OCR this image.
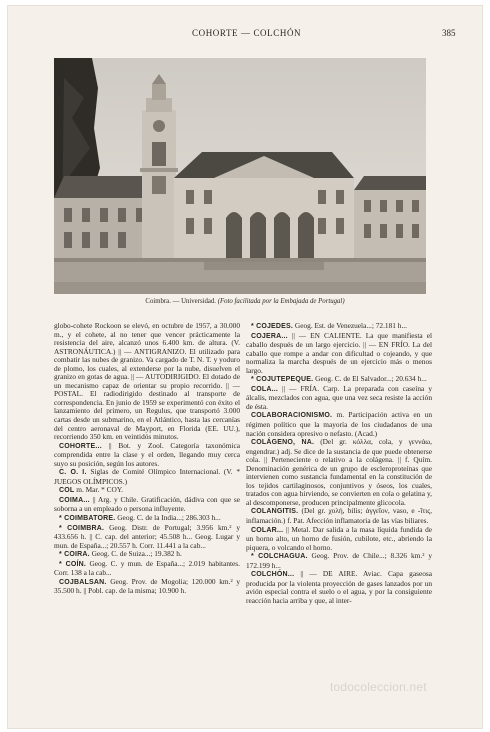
COHORTE — COLCHÓN	385
Coimbra. — Universidad. (Foto facilitada por la Embajada de Portugal)

globo-cohete Rockoon se elevó, en octubre de 1957, a 30.000 m., y el cohete, al no tener que vencer prácticamente la resistencia del aire, alcanzó unos 6.400 km. de altura. (V. ASTRONÁUTICA.) || — ANTIGRANIZO. El utilizado para combatir las nubes de granizo. Va cargado de T. N. T. y yoduro de plomo, los cuales, al extenderse por la nube, disuelven el granizo en gotas de agua. || — AUTODIRIGIDO. El dotado de un mecanismo capaz de orientar su propio recorrido. || — POSTAL. El radiodirigido destinado al transporte de correspondencia. En junio de 1959 se experimentó con éxito el lanzamiento del primero, un Regulus, que transportó 3.000 cartas desde un submarino, en el Atlántico, hasta las cercanías del centro aeronaval de Mayport, en Florida (EE. UU.), recorriendo 350 km. en veintidós minutos.

COHORTE... || Bot. y Zool. Categoría taxonómica comprendida entre la clase y el orden, llegando muy cerca suyo su posición, según los autores.

C. O. I. Siglas de Comité Olímpico Internacional. (V. * JUEGOS OLÍMPICOS.)

COL m. Mar. * COY.

COIMA... || Arg. y Chile. Gratificación, dádiva con que se soborna a un empleado o persona influyente.

* COIMBATORE. Geog. C. de la India...; 286.303 h...

* COIMBRA. Geog. Distr. de Portugal; 3.956 km.² y 433.656 h. || C. cap. del anterior; 45.508 h... Geog. Lugar y mun. de España...; 20.557 h. Corr. 11.441 a la cab...

* COIRA. Geog. C. de Suiza...; 19.382 h.

* COÍN. Geog. C. y mun. de España...; 2.019 habitantes. Corr. 138 a la cab...

COJBALSAN. Geog. Prov. de Mogolia; 120.000 km.² y 35.500 h. || Pobl. cap. de la misma; 10.900 h.

* COJEDES. Geog. Est. de Venezuela...; 72.181 h...

COJERA... || — EN CALIENTE. La que manifiesta el caballo después de un largo ejercicio. || — EN FRÍO. La del caballo que rompe a andar con dificultad o cojeando, y que normaliza la marcha después de un ejercicio más o menos largo.

* COJUTEPEQUE. Geog. C. de El Salvador...; 20.634 h...

COLA... || — FRÍA. Carp. La preparada con caseína y álcalis, mezclados con agua, que una vez seca resiste la acción de ésta.

COLABORACIONISMO. m. Participación activa en un régimen político que la mayoría de los ciudadanos de una nación considera opresivo o nefasto. (Acad.)

COLÁGENO, NA. (Del gr. κόλλα, cola, y γεννάω, engendrar.) adj. Se dice de la sustancia de que puede obtenerse cola. || Perteneciente o relativo a la colágena. || f. Quím. Denominación genérica de un grupo de escleroproteínas que intervienen como sustancia fundamental en la constitución de los tejidos cartilaginosos, conjuntivos y óseos, los cuales, tratados con agua hirviendo, se convierten en cola o gelatina y, al descomponerse, producen principalmente glicocola.

COLANGITIS. (Del gr. χολή, bilis; ἀγγεῖον, vaso, e -ῖτις, inflamación.) f. Pat. Afección inflamatoria de las vías biliares.

COLAR... || Metal. Dar salida a la masa líquida fundida de un horno alto, un horno de fusión, cubilote, etc., abriendo la piquera, o volcando el horno.

* COLCHAGUA. Geog. Prov. de Chile...; 8.326 km.² y 172.199 h...

COLCHÓN... || — DE AIRE. Aviac. Capa gaseosa producida por la violenta proyección de gases lanzados por un avión especial contra el suelo o el agua, y por la consiguiente reacción hacia arriba y que, al inter-

todocoleccion.net
